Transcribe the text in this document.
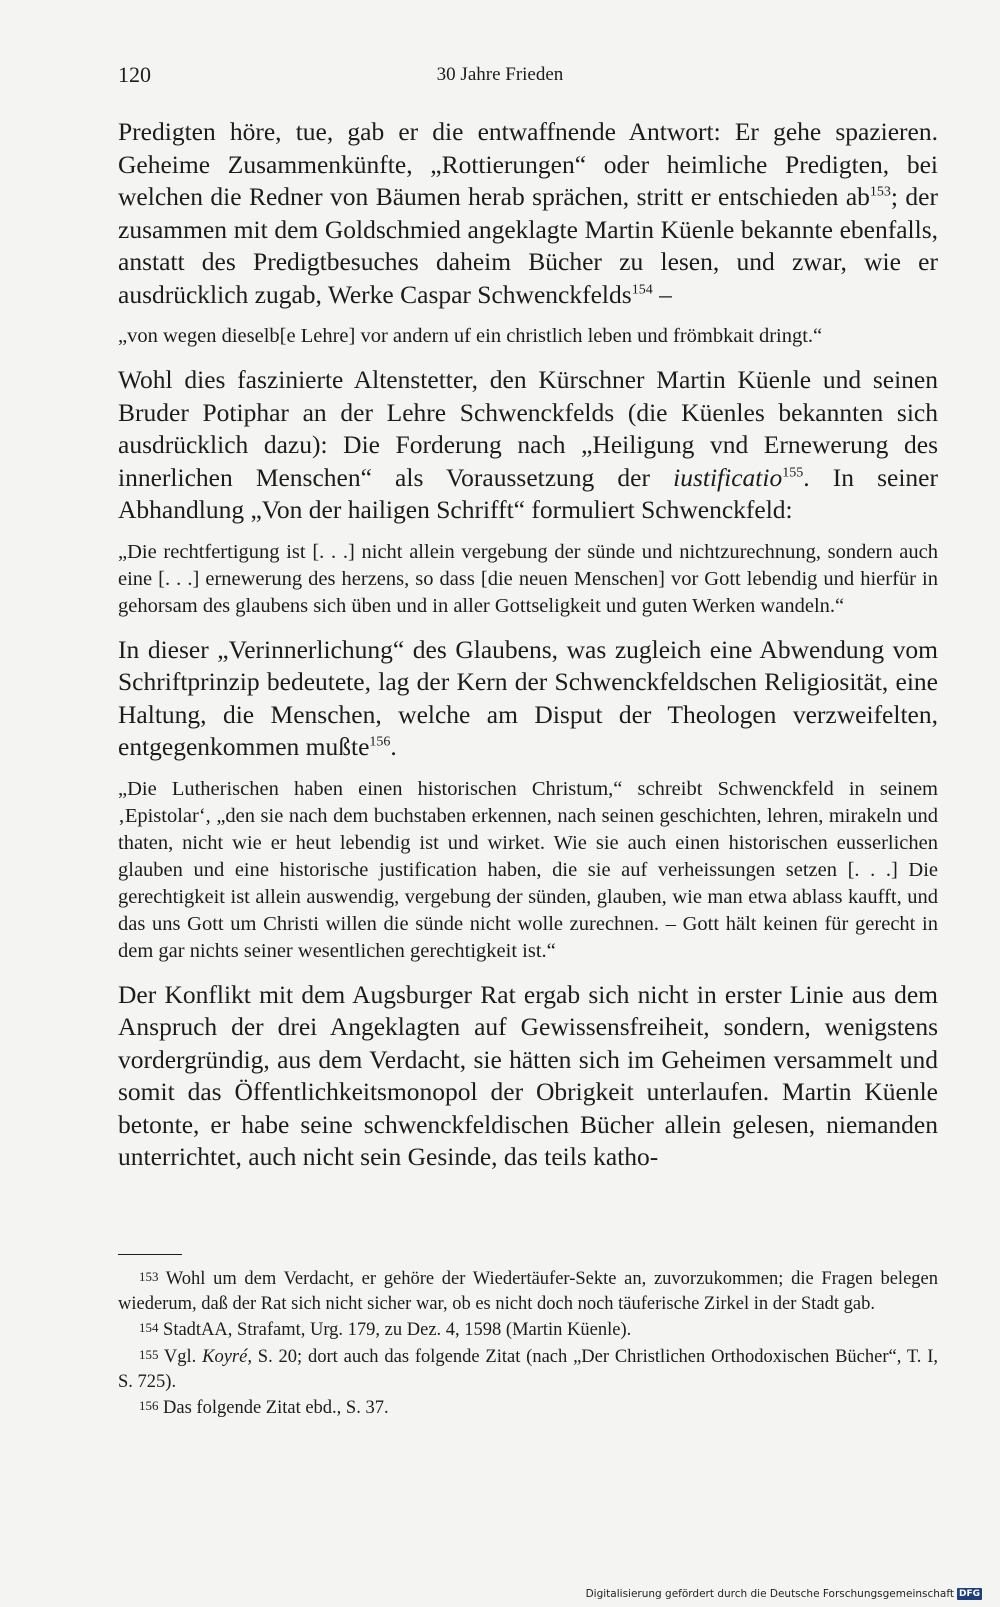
120	30 Jahre Frieden

Predigten höre, tue, gab er die entwaffnende Antwort: Er gehe spazieren. Geheime Zusammenkünfte, „Rottierungen“ oder heimliche Predigten, bei welchen die Redner von Bäumen herab sprächen, stritt er entschieden $ab^{153}$; der zusammen mit dem Goldschmied angeklagte Martin Küenle bekannte ebenfalls, anstatt des Predigtbesuches daheim Bücher zu lesen, und zwar, wie er ausdrücklich zugab, Werke Caspar Schwenckfelds$^{154}$ –

„von wegen dieselb[e Lehre] vor andern uf ein christlich leben und frömbkait dringt.“

Wohl dies faszinierte Altenstetter, den Kürschner Martin Küenle und seinen Bruder Potiphar an der Lehre Schwenckfelds (die Küenles bekannten sich ausdrücklich dazu): Die Forderung nach „Heiligung vnd Ernewerung des innerlichen Menschen“ als Voraussetzung der iustificatio$^{155}$. In seiner Abhandlung „Von der hailigen Schrifft“ formuliert Schwenckfeld:

„Die rechtfertigung ist [. . .] nicht allein vergebung der sünde und nichtzurechnung, sondern auch eine [. . .] ernewerung des herzens, so dass [die neuen Menschen] vor Gott lebendig und hierfür in gehorsam des glaubens sich üben und in aller Gottseligkeit und guten Werken wandeln.“

In dieser „Verinnerlichung“ des Glaubens, was zugleich eine Abwendung vom Schriftprinzip bedeutete, lag der Kern der Schwenckfeldschen Religiosität, eine Haltung, die Menschen, welche am Disput der Theologen verzweifelten, entgegenkommen mußte$^{156}$.

„Die Lutherischen haben einen historischen Christum,“ schreibt Schwenckfeld in seinem ‚Epistolar‘, „den sie nach dem buchstaben erkennen, nach seinen geschichten, lehren, mirakeln und thaten, nicht wie er heut lebendig ist und wirket. Wie sie auch einen historischen eusserlichen glauben und eine historische justification haben, die sie auf verheissungen setzen [. . .] Die gerechtigkeit ist allein auswendig, vergebung der sünden, glauben, wie man etwa ablass kaufft, und das uns Gott um Christi willen die sünde nicht wolle zurechnen. – Gott hält keinen für gerecht in dem gar nichts seiner wesentlichen gerechtigkeit ist.“

Der Konflikt mit dem Augsburger Rat ergab sich nicht in erster Linie aus dem Anspruch der drei Angeklagten auf Gewissensfreiheit, sondern, wenigstens vordergründig, aus dem Verdacht, sie hätten sich im Geheimen versammelt und somit das Öffentlichkeitsmonopol der Obrigkeit unterlaufen. Martin Küenle betonte, er habe seine schwenckfeldischen Bücher allein gelesen, niemanden unterrichtet, auch nicht sein Gesinde, das teils katho-

153 Wohl um dem Verdacht, er gehöre der Wiedertäufer-Sekte an, zuvorzukommen; die Fragen belegen wiederum, daß der Rat sich nicht sicher war, ob es nicht doch noch täuferische Zirkel in der Stadt gab.

154 StadtAA, Strafamt, Urg. 179, zu Dez. 4, 1598 (Martin Küenle).

155 Vgl. Koyré, S. 20; dort auch das folgende Zitat (nach „Der Christlichen Orthodoxischen Bücher“, T. I, S. 725).

156 Das folgende Zitat ebd., S. 37.

Digitalisierung gefördert durch die Deutsche Forschungsgemeinschaft DFG
